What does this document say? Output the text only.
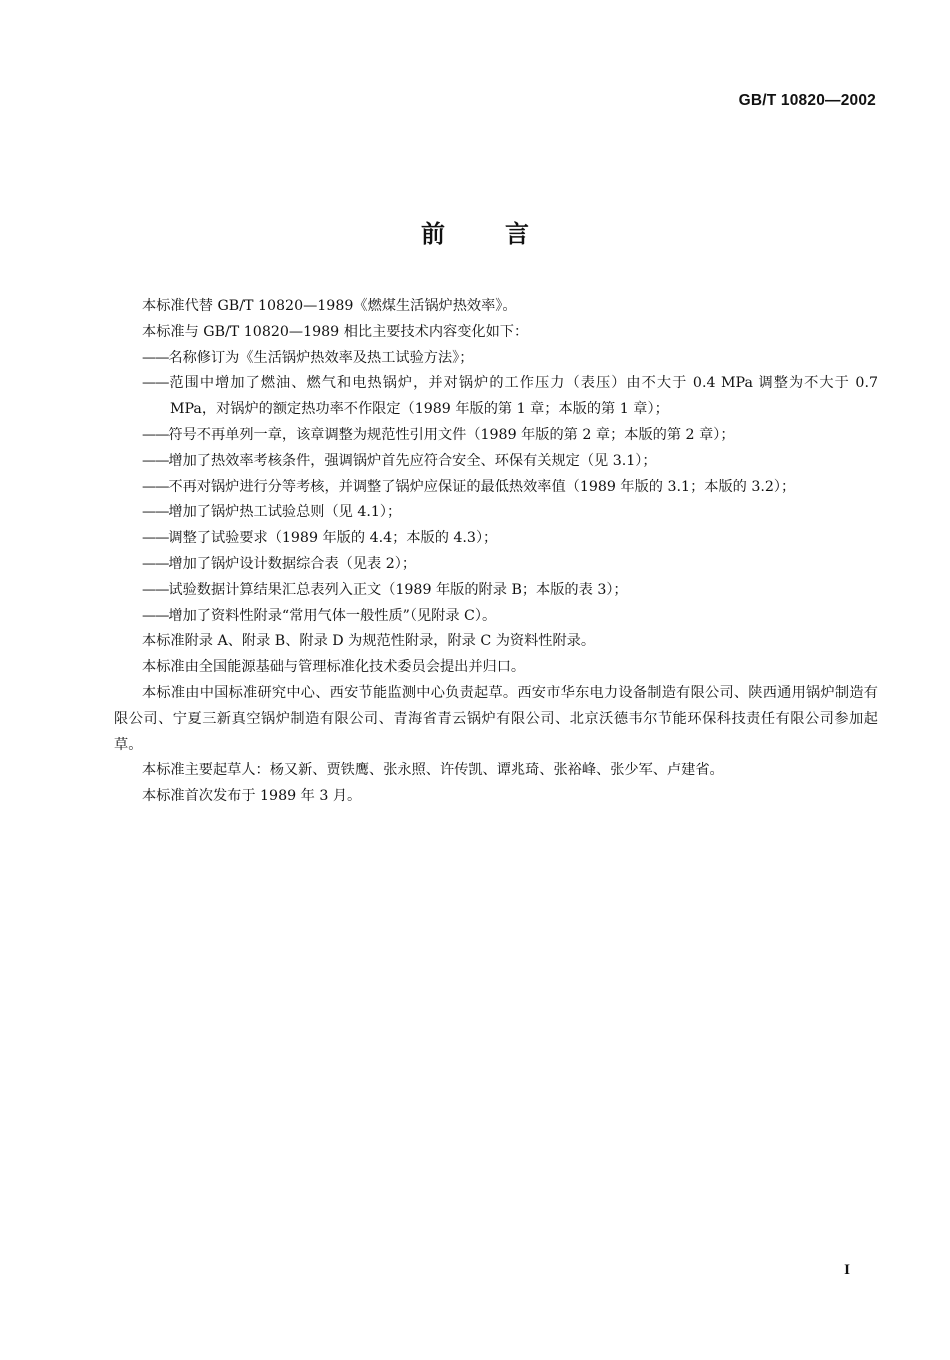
GB/T 10820—2002
前言

本标准代替 GB/T 10820—1989《燃煤生活锅炉热效率》。

本标准与 GB/T 10820—1989 相比主要技术内容变化如下：

——名称修订为《生活锅炉热效率及热工试验方法》；

——范围中增加了燃油、燃气和电热锅炉，并对锅炉的工作压力（表压）由不大于 0.4 MPa 调整为不大于 0.7 MPa，对锅炉的额定热功率不作限定（1989 年版的第 1 章；本版的第 1 章）；

——符号不再单列一章，该章调整为规范性引用文件（1989 年版的第 2 章；本版的第 2 章）；

——增加了热效率考核条件，强调锅炉首先应符合安全、环保有关规定（见 3.1）；

——不再对锅炉进行分等考核，并调整了锅炉应保证的最低热效率值（1989 年版的 3.1；本版的 3.2）；

——增加了锅炉热工试验总则（见 4.1）；

——调整了试验要求（1989 年版的 4.4；本版的 4.3）；

——增加了锅炉设计数据综合表（见表 2）；

——试验数据计算结果汇总表列入正文（1989 年版的附录 B；本版的表 3）；

——增加了资料性附录“常用气体一般性质”（见附录 C）。

本标准附录 A、附录 B、附录 D 为规范性附录，附录 C 为资料性附录。

本标准由全国能源基础与管理标准化技术委员会提出并归口。

本标准由中国标准研究中心、西安节能监测中心负责起草。西安市华东电力设备制造有限公司、陕西通用锅炉制造有限公司、宁夏三新真空锅炉制造有限公司、青海省青云锅炉有限公司、北京沃德韦尔节能环保科技责任有限公司参加起草。

本标准主要起草人：杨又新、贾铁鹰、张永照、许传凯、谭兆琦、张裕峰、张少军、卢建省。

本标准首次发布于 1989 年 3 月。

I
